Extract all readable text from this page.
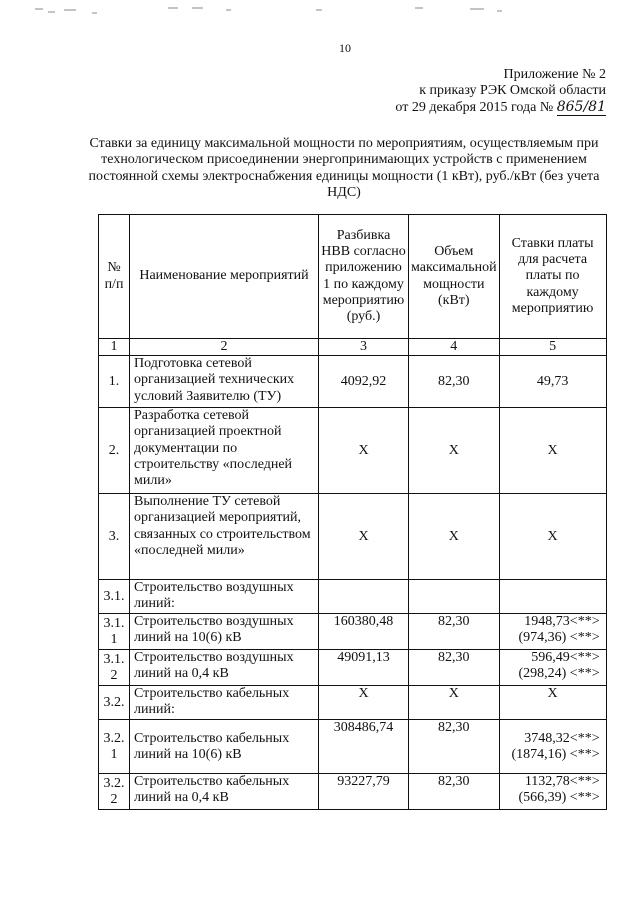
10
Приложение № 2
к приказу РЭК Омской области
от 29 декабря 2015 года № 865/81
Ставки за единицу максимальной мощности по мероприятиям, осуществляемым при технологическом присоединении энергопринимающих устройств с применением постоянной схемы электроснабжения единицы мощности (1 кВт), руб./кВт (без учета НДС)
№ п/п	Наименование мероприятий	Разбивка НВВ согласно приложению 1 по каждому мероприятию (руб.)	Объем максимальной мощности (кВт)	Ставки платы для расчета платы по каждому мероприятию
1	2	3	4	5
1.	Подготовка сетевой организацией технических условий Заявителю (ТУ)	4092,92	82,30	49,73
2.	Разработка сетевой организацией проектной документации по строительству «последней мили»	Х	Х	Х
3.	Выполнение ТУ сетевой организацией мероприятий, связанных со строительством «последней мили»	Х	Х	Х
3.1.	Строительство воздушных линий:			
3.1. 1	Строительство воздушных линий на 10(6) кВ	160380,48	82,30	1948,73<**> (974,36) <**>
3.1. 2	Строительство воздушных линий на 0,4 кВ	49091,13	82,30	596,49<**> (298,24) <**>
3.2.	Строительство кабельных линий:	Х	Х	Х
3.2. 1	Строительство кабельных линий на 10(6) кВ	308486,74	82,30	3748,32<**> (1874,16) <**>
3.2. 2	Строительство кабельных линий на 0,4 кВ	93227,79	82,30	1132,78<**> (566,39) <**>
